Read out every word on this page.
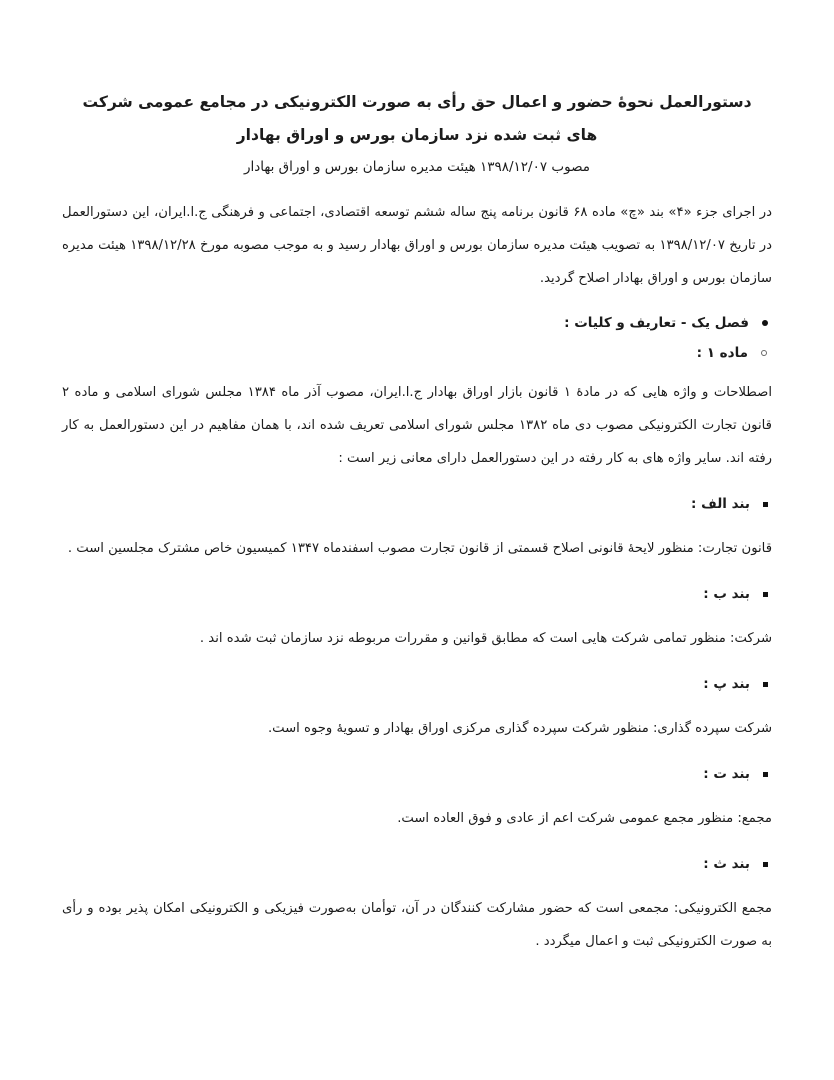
دستورالعمل نحوۀ حضور و اعمال حق رأی به صورت الکترونیکی در مجامع عمومی شرکت های ثبت شده نزد سازمان بورس و اوراق بهادار
مصوب ۱۳۹۸/۱۲/۰۷ هیئت مدیره سازمان بورس و اوراق بهادار

در اجرای جزء «۴» بند «چ» ماده ۶۸ قانون برنامه پنج ساله ششم توسعه اقتصادی، اجتماعی و فرهنگی ج.ا.ایران، این دستورالعمل در تاریخ ۱۳۹۸/۱۲/۰۷ به تصویب هیئت مدیره سازمان بورس و اوراق بهادار رسید و به موجب مصوبه مورخ ۱۳۹۸/۱۲/۲۸ هیئت مدیره سازمان بورس و اوراق بهادار اصلاح گردید.

فصل یک - تعاریف و کلیات :
ماده ۱ :

اصطلاحات و واژه هایی که در مادۀ ۱ قانون بازار اوراق بهادار ج.ا.ایران، مصوب آذر ماه ۱۳۸۴ مجلس شورای اسلامی و ماده ۲ قانون تجارت الکترونیکی مصوب دی ماه ۱۳۸۲ مجلس شورای اسلامی تعریف شده اند، با همان مفاهیم در این دستورالعمل به کار رفته اند. سایر واژه های به کار رفته در این دستورالعمل دارای معانی زیر است :

بند الف :

قانون تجارت: منظور لایحۀ قانونی اصلاح قسمتی از قانون تجارت مصوب اسفندماه ۱۳۴۷ کمیسیون خاص مشترک مجلسین است .

بند ب :

شرکت: منظور تمامی شرکت هایی است که مطابق قوانین و مقررات مربوطه نزد سازمان ثبت شده اند .

بند پ :

شرکت سپرده گذاری: منظور شرکت سپرده گذاری مرکزی اوراق بهادار و تسویۀ وجوه است.

بند ت :

مجمع: منظور مجمع عمومی شرکت اعم از عادی و فوق العاده است.

بند ث :

مجمع الکترونیکی: مجمعی است که حضور مشارکت کنندگان در آن، توأمان به‌صورت فیزیکی و الکترونیکی امکان پذیر بوده و رأی به صورت الکترونیکی ثبت و اعمال میگردد .
